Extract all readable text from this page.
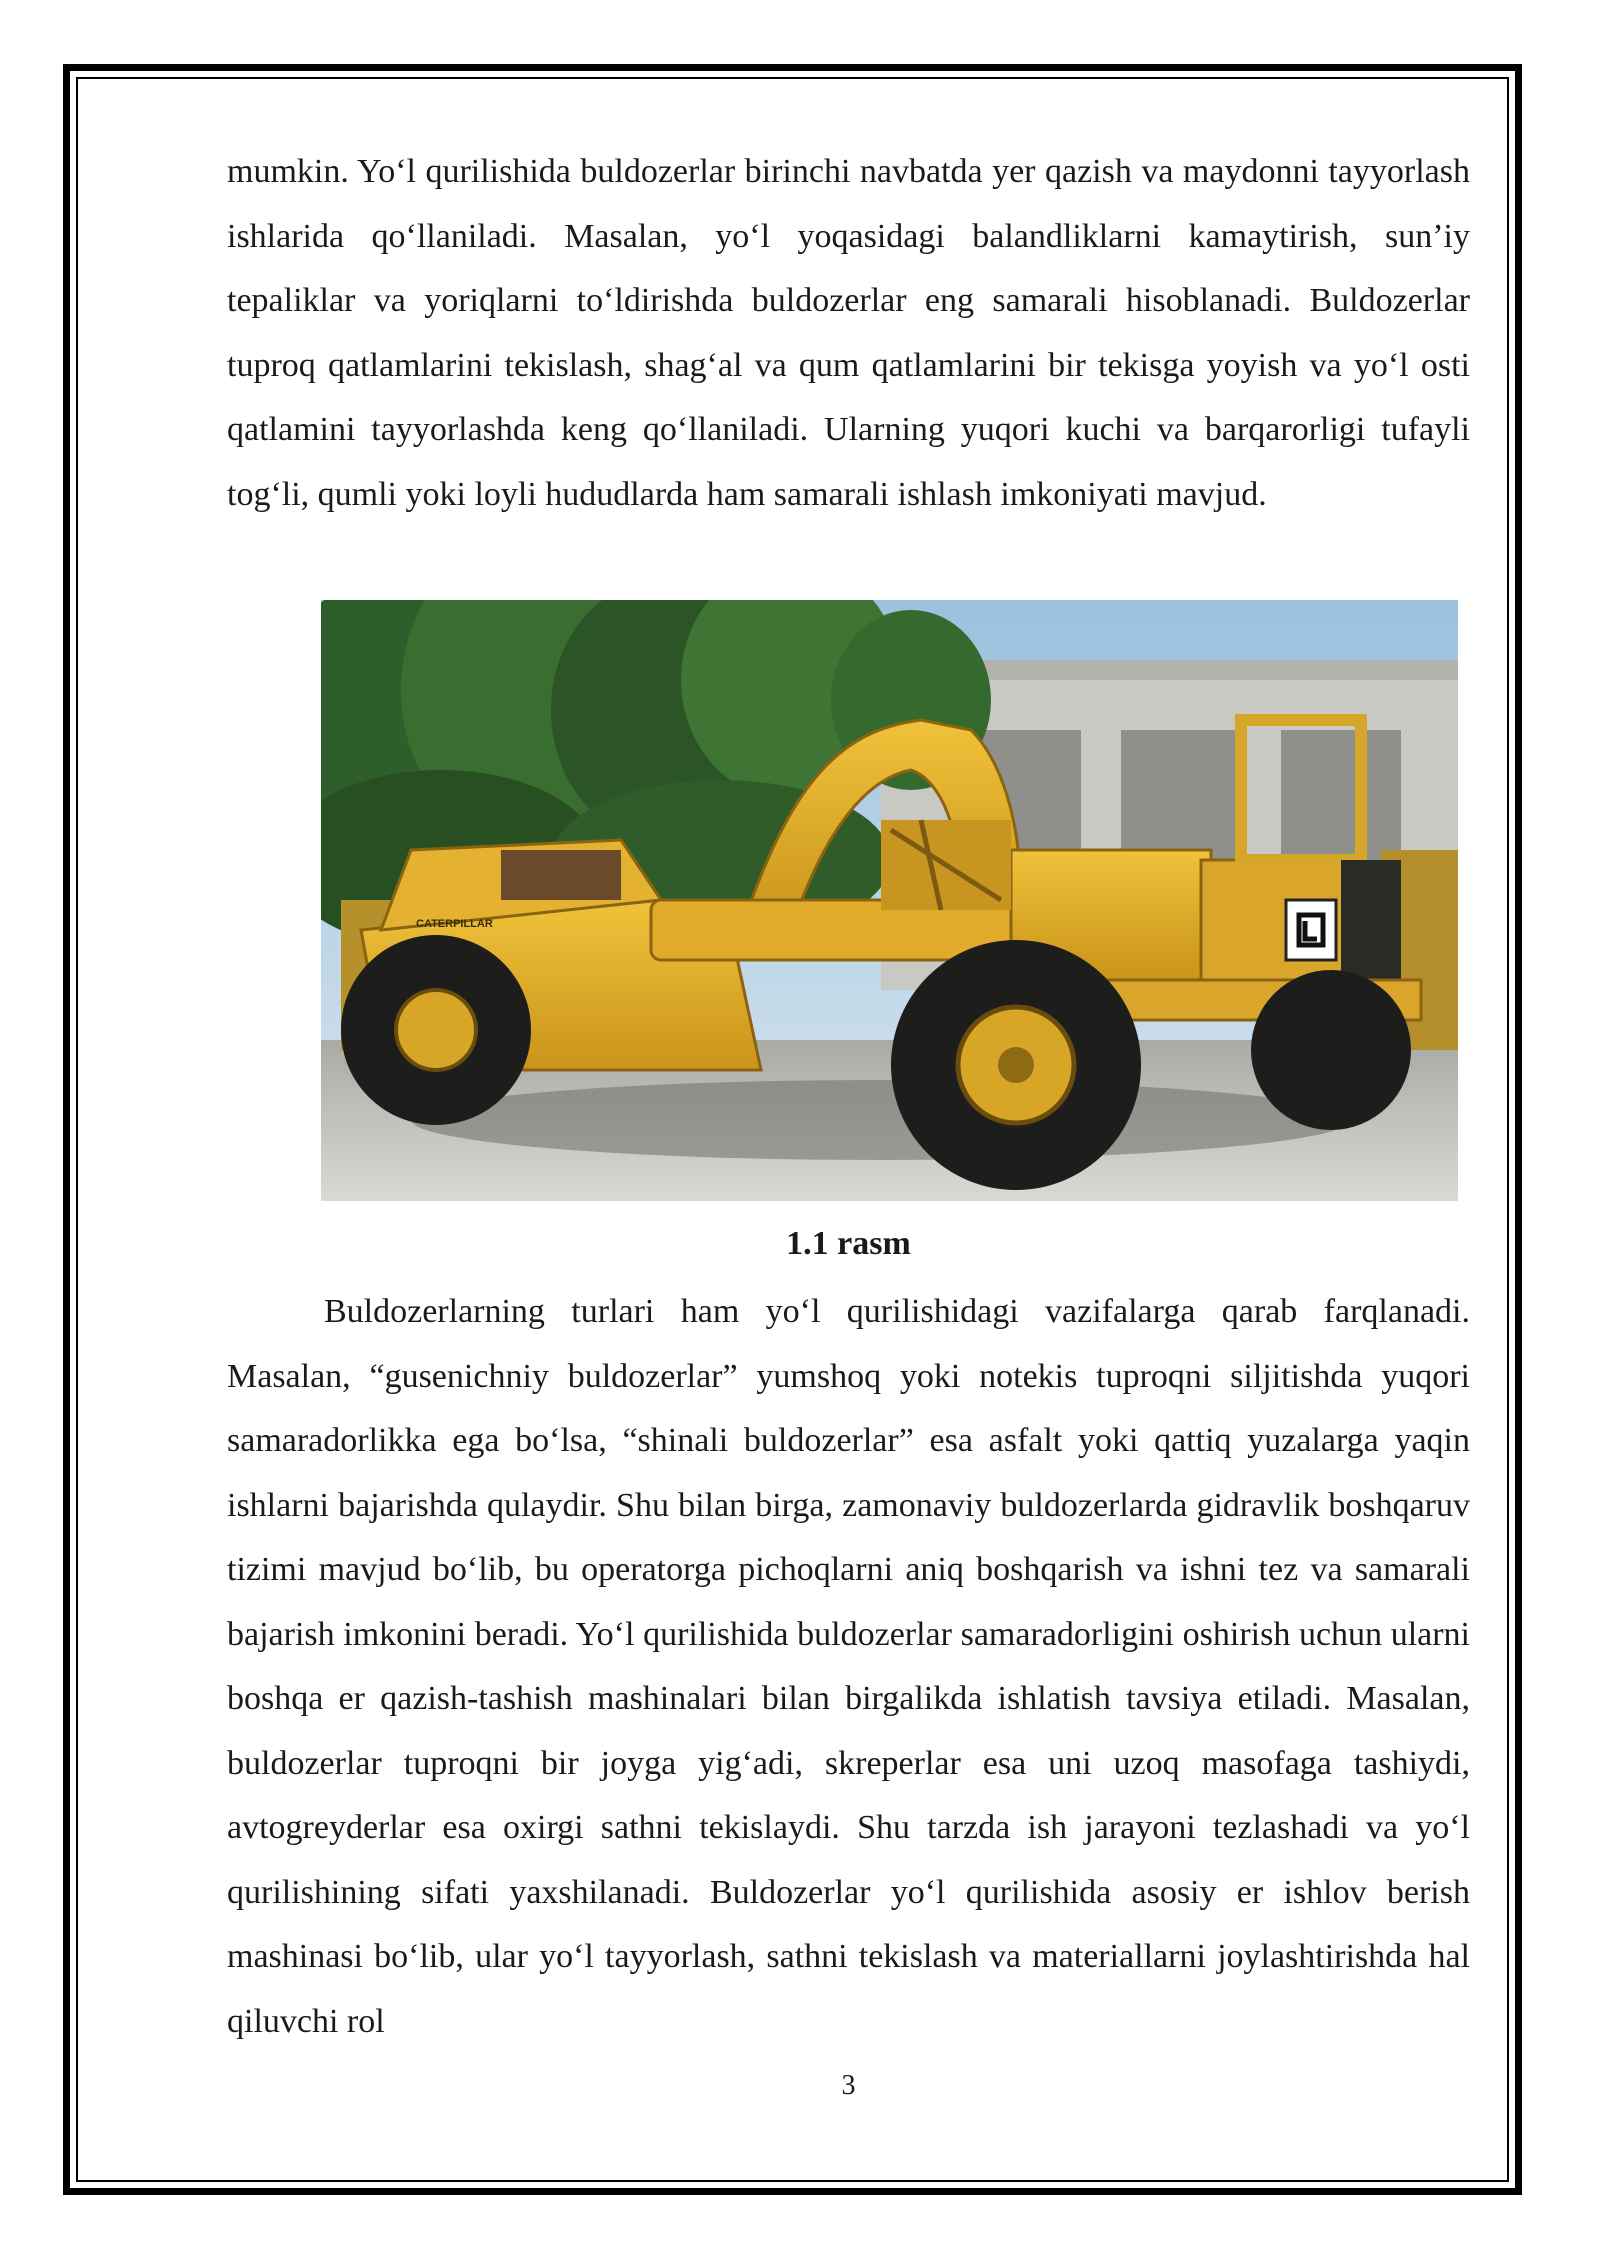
mumkin. Yo‘l qurilishida buldozerlar birinchi navbatda yer qazish va maydonni tayyorlash ishlarida qo‘llaniladi. Masalan, yo‘l yoqasidagi balandliklarni kamaytirish, sun’iy tepaliklar va yoriqlarni to‘ldirishda buldozerlar eng samarali hisoblanadi. Buldozerlar tuproq qatlamlarini tekislash, shag‘al va qum qatlamlarini bir tekisga yoyish va yo‘l osti qatlamini tayyorlashda keng qo‘llaniladi. Ularning yuqori kuchi va barqarorligi tufayli tog‘li, qumli yoki loyli hududlarda ham samarali ishlash imkoniyati mavjud.

CATERPILLAR
1.1 rasm

Buldozerlarning turlari ham yo‘l qurilishidagi vazifalarga qarab farqlanadi. Masalan, “gusenichniy buldozerlar” yumshoq yoki notekis tuproqni siljitishda yuqori samaradorlikka ega bo‘lsa, “shinali buldozerlar” esa asfalt yoki qattiq yuzalarga yaqin ishlarni bajarishda qulaydir. Shu bilan birga, zamonaviy buldozerlarda gidravlik boshqaruv tizimi mavjud bo‘lib, bu operatorga pichoqlarni aniq boshqarish va ishni tez va samarali bajarish imkonini beradi. Yo‘l qurilishida buldozerlar samaradorligini oshirish uchun ularni boshqa er qazish-tashish mashinalari bilan birgalikda ishlatish tavsiya etiladi. Masalan, buldozerlar tuproqni bir joyga yig‘adi, skreperlar esa uni uzoq masofaga tashiydi, avtogreyderlar esa oxirgi sathni tekislaydi. Shu tarzda ish jarayoni tezlashadi va yo‘l qurilishining sifati yaxshilanadi. Buldozerlar yo‘l qurilishida asosiy er ishlov berish mashinasi bo‘lib, ular yo‘l tayyorlash, sathni tekislash va materiallarni joylashtirishda hal qiluvchi rol

3
